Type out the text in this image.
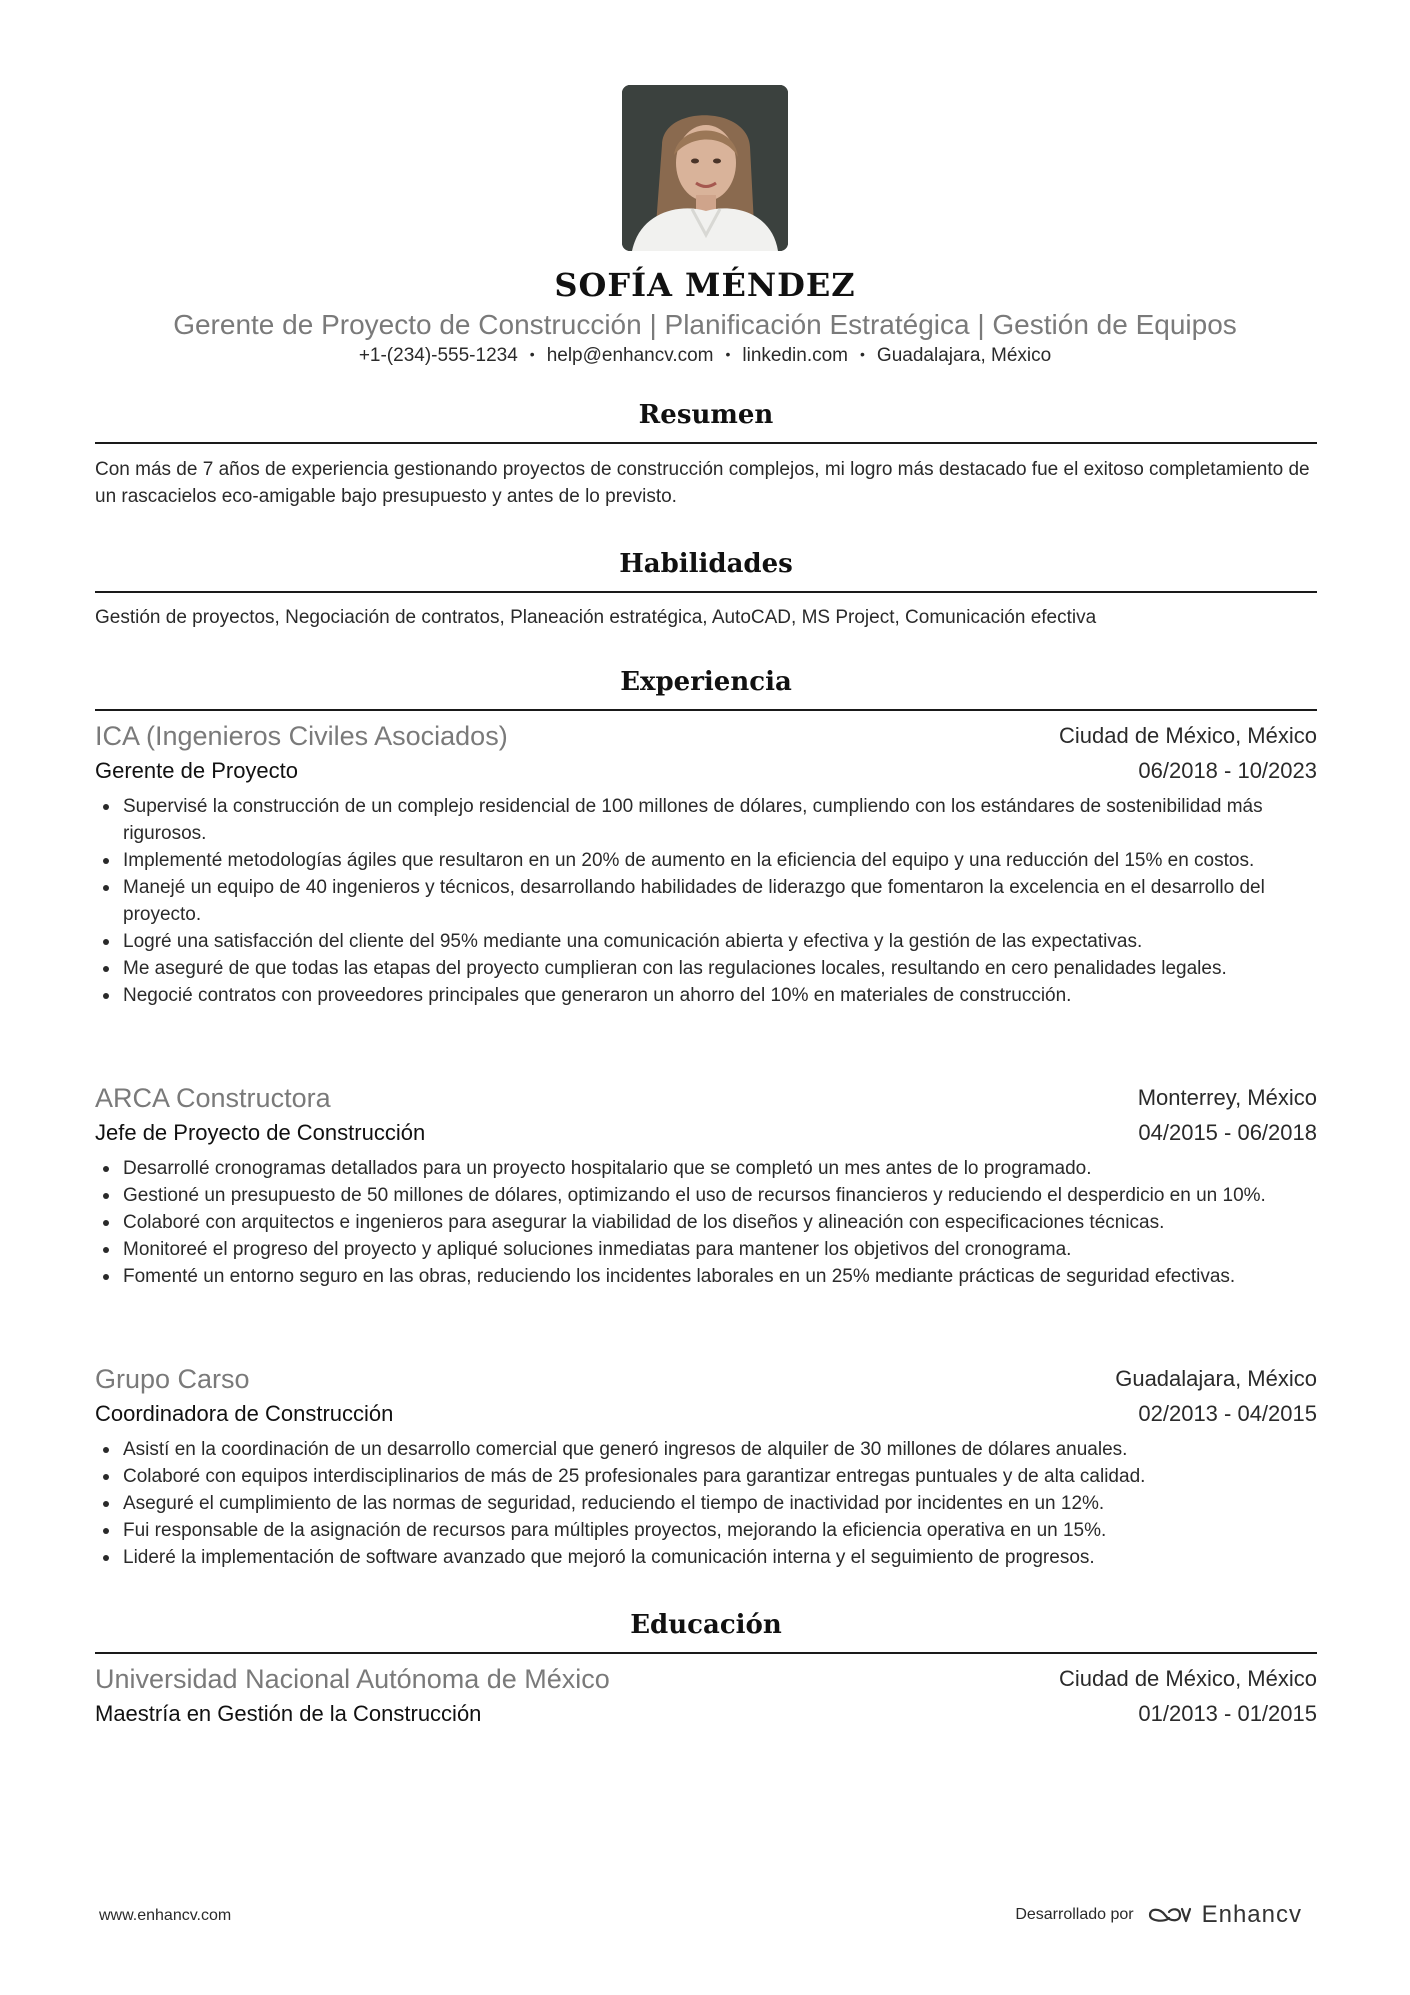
SOFÍA MÉNDEZ
Gerente de Proyecto de Construcción | Planificación Estratégica | Gestión de Equipos
+1-(234)-555-1234 • help@enhancv.com • linkedin.com • Guadalajara, México
Resumen
Con más de 7 años de experiencia gestionando proyectos de construcción complejos, mi logro más destacado fue el exitoso completamiento de un rascacielos eco-amigable bajo presupuesto y antes de lo previsto.
Habilidades
Gestión de proyectos, Negociación de contratos, Planeación estratégica, AutoCAD, MS Project, Comunicación efectiva
Experiencia
ICA (Ingenieros Civiles Asociados)	Ciudad de México, México
Gerente de Proyecto	06/2018 - 10/2023
Supervisé la construcción de un complejo residencial de 100 millones de dólares, cumpliendo con los estándares de sostenibilidad más rigurosos.
Implementé metodologías ágiles que resultaron en un 20% de aumento en la eficiencia del equipo y una reducción del 15% en costos.
Manejé un equipo de 40 ingenieros y técnicos, desarrollando habilidades de liderazgo que fomentaron la excelencia en el desarrollo del proyecto.
Logré una satisfacción del cliente del 95% mediante una comunicación abierta y efectiva y la gestión de las expectativas.
Me aseguré de que todas las etapas del proyecto cumplieran con las regulaciones locales, resultando en cero penalidades legales.
Negocié contratos con proveedores principales que generaron un ahorro del 10% en materiales de construcción.
ARCA Constructora	Monterrey, México
Jefe de Proyecto de Construcción	04/2015 - 06/2018
Desarrollé cronogramas detallados para un proyecto hospitalario que se completó un mes antes de lo programado.
Gestioné un presupuesto de 50 millones de dólares, optimizando el uso de recursos financieros y reduciendo el desperdicio en un 10%.
Colaboré con arquitectos e ingenieros para asegurar la viabilidad de los diseños y alineación con especificaciones técnicas.
Monitoreé el progreso del proyecto y apliqué soluciones inmediatas para mantener los objetivos del cronograma.
Fomenté un entorno seguro en las obras, reduciendo los incidentes laborales en un 25% mediante prácticas de seguridad efectivas.
Grupo Carso	Guadalajara, México
Coordinadora de Construcción	02/2013 - 04/2015
Asistí en la coordinación de un desarrollo comercial que generó ingresos de alquiler de 30 millones de dólares anuales.
Colaboré con equipos interdisciplinarios de más de 25 profesionales para garantizar entregas puntuales y de alta calidad.
Aseguré el cumplimiento de las normas de seguridad, reduciendo el tiempo de inactividad por incidentes en un 12%.
Fui responsable de la asignación de recursos para múltiples proyectos, mejorando la eficiencia operativa en un 15%.
Lideré la implementación de software avanzado que mejoró la comunicación interna y el seguimiento de progresos.
Educación
Universidad Nacional Autónoma de México	Ciudad de México, México
Maestría en Gestión de la Construcción	01/2013 - 01/2015
www.enhancv.com	Desarrollado por	Enhancv
